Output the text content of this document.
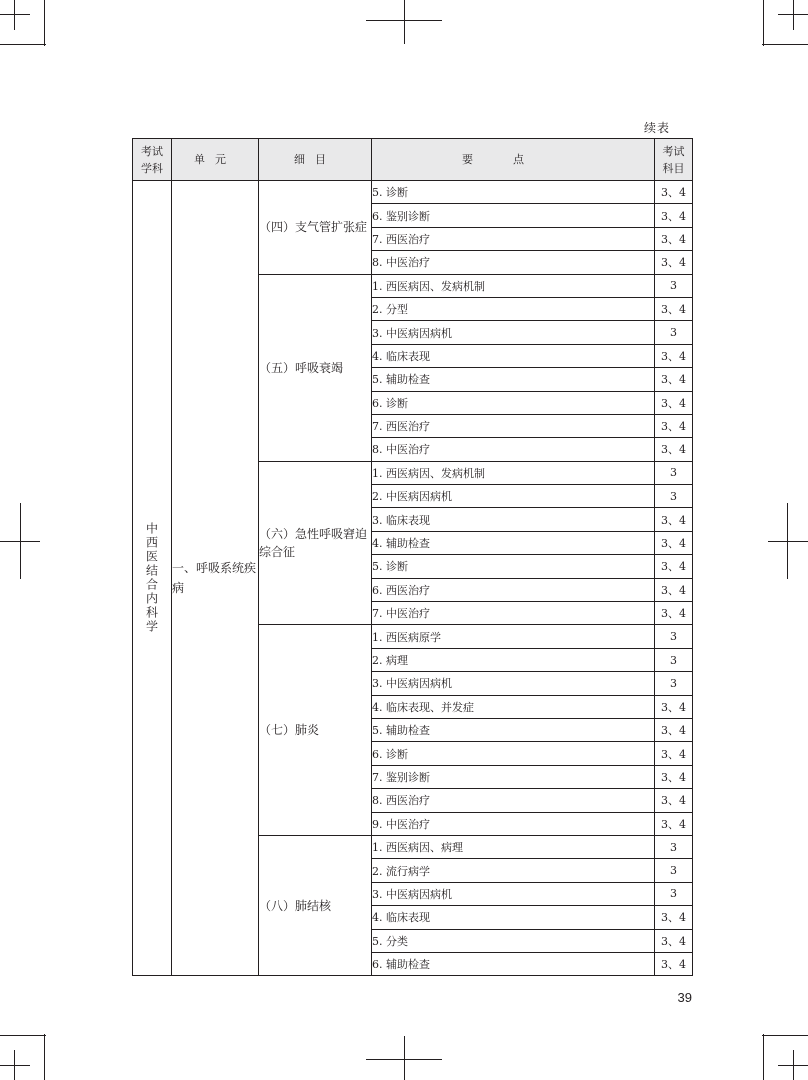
续表
考试
学科	单元	细目	要点	考试
科目
中西医结合内科学	一、呼吸系统疾病	（四）支气管扩张症	5. 诊断	3、4
			6. 鉴别诊断	3、4
			7. 西医治疗	3、4
			8. 中医治疗	3、4
		（五）呼吸衰竭	1. 西医病因、发病机制	3
			2. 分型	3、4
			3. 中医病因病机	3
			4. 临床表现	3、4
			5. 辅助检查	3、4
			6. 诊断	3、4
			7. 西医治疗	3、4
			8. 中医治疗	3、4
		（六）急性呼吸窘迫综合征	1. 西医病因、发病机制	3
			2. 中医病因病机	3
			3. 临床表现	3、4
			4. 辅助检查	3、4
			5. 诊断	3、4
			6. 西医治疗	3、4
			7. 中医治疗	3、4
		（七）肺炎	1. 西医病原学	3
			2. 病理	3
			3. 中医病因病机	3
			4. 临床表现、并发症	3、4
			5. 辅助检查	3、4
			6. 诊断	3、4
			7. 鉴别诊断	3、4
			8. 西医治疗	3、4
			9. 中医治疗	3、4
		（八）肺结核	1. 西医病因、病理	3
			2. 流行病学	3
			3. 中医病因病机	3
			4. 临床表现	3、4
			5. 分类	3、4
			6. 辅助检查	3、4
39
